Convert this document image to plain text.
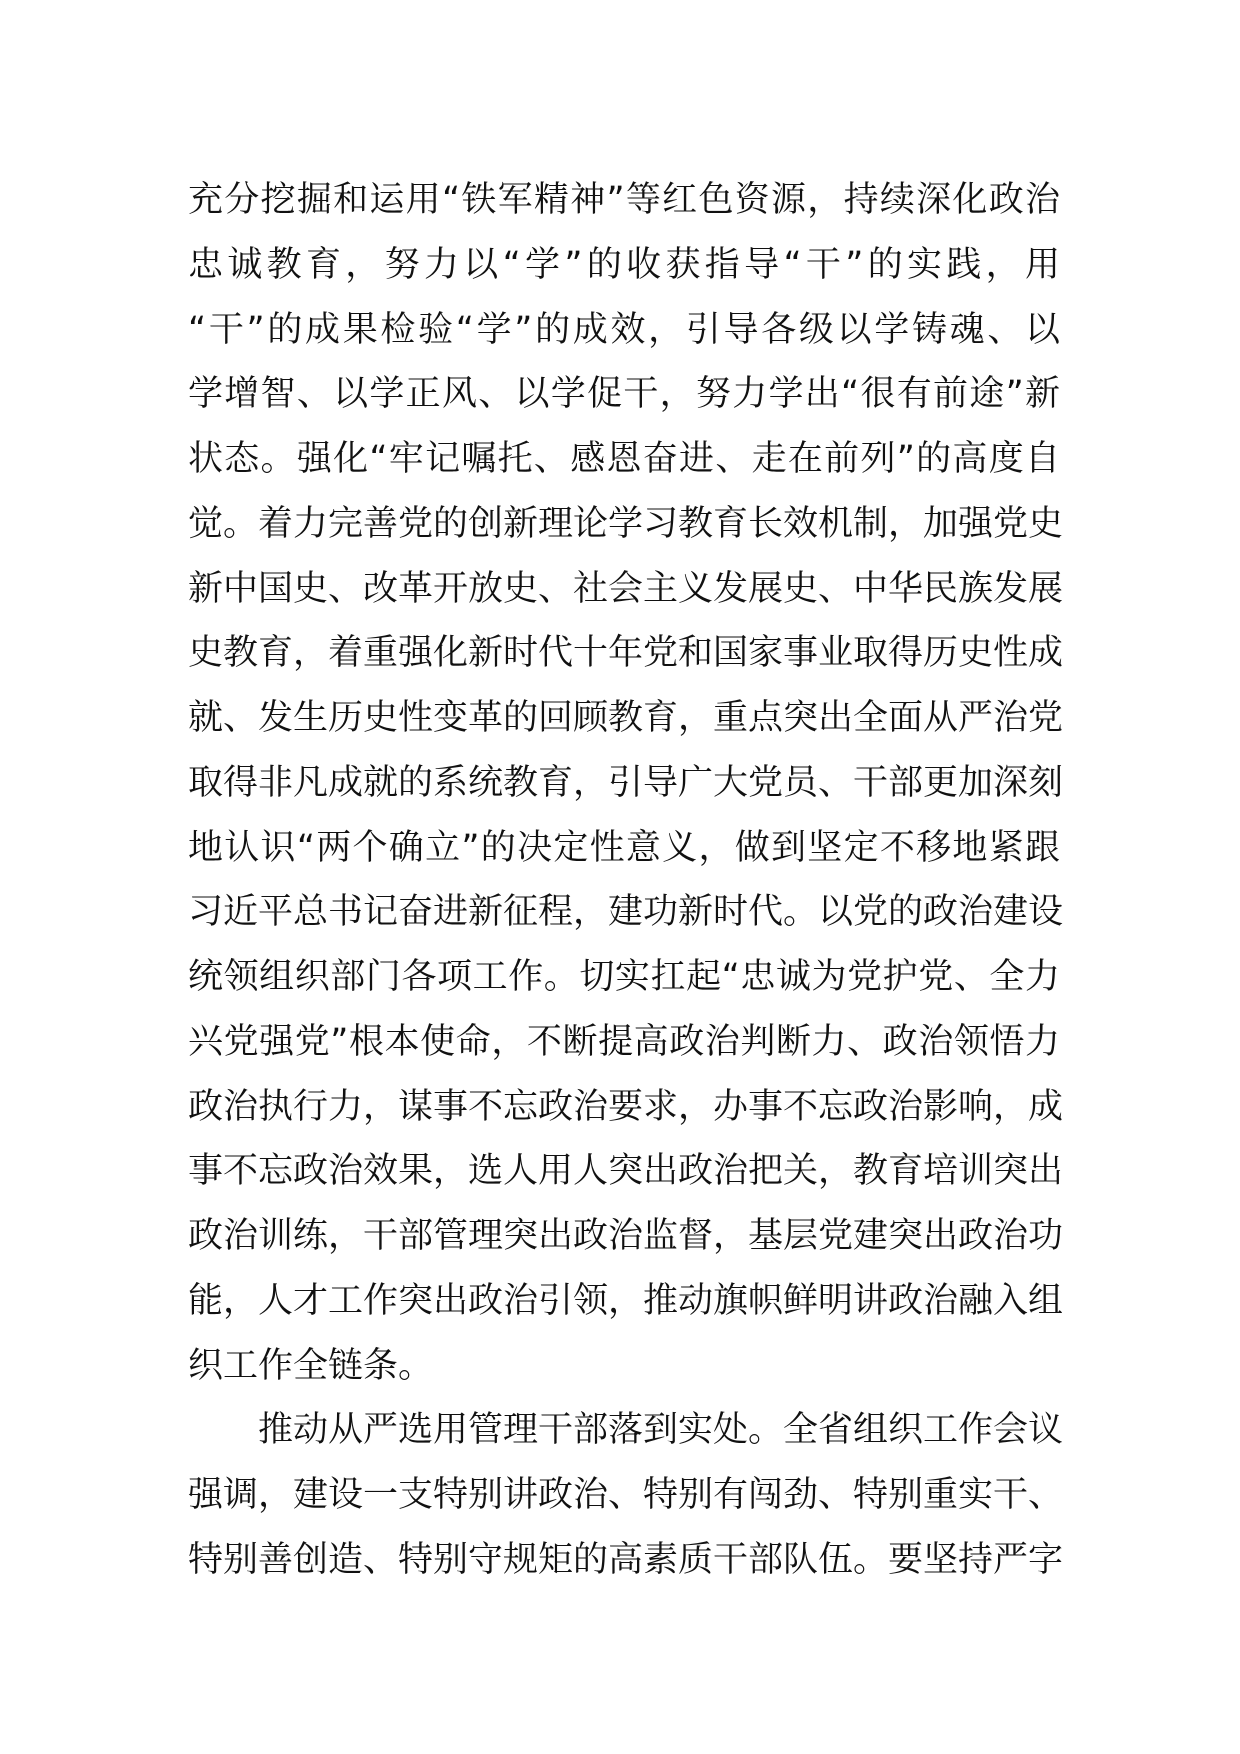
充分挖掘和运用“铁军精神”等红色资源，持续深化政治
忠诚教育，努力以“学”的收获指导“干”的实践，用
“干”的成果检验“学”的成效，引导各级以学铸魂、以
学增智、以学正风、以学促干，努力学出“很有前途”新
状态。强化“牢记嘱托、感恩奋进、走在前列”的高度自
觉。着力完善党的创新理论学习教育长效机制，加强党史
新中国史、改革开放史、社会主义发展史、中华民族发展
史教育，着重强化新时代十年党和国家事业取得历史性成
就、发生历史性变革的回顾教育，重点突出全面从严治党
取得非凡成就的系统教育，引导广大党员、干部更加深刻
地认识“两个确立”的决定性意义，做到坚定不移地紧跟
习近平总书记奋进新征程，建功新时代。以党的政治建设
统领组织部门各项工作。切实扛起“忠诚为党护党、全力
兴党强党”根本使命，不断提高政治判断力、政治领悟力
政治执行力，谋事不忘政治要求，办事不忘政治影响，成
事不忘政治效果，选人用人突出政治把关，教育培训突出
政治训练，干部管理突出政治监督，基层党建突出政治功
能，人才工作突出政治引领，推动旗帜鲜明讲政治融入组
织工作全链条。
　　推动从严选用管理干部落到实处。全省组织工作会议
强调，建设一支特别讲政治、特别有闯劲、特别重实干、
特别善创造、特别守规矩的高素质干部队伍。要坚持严字
